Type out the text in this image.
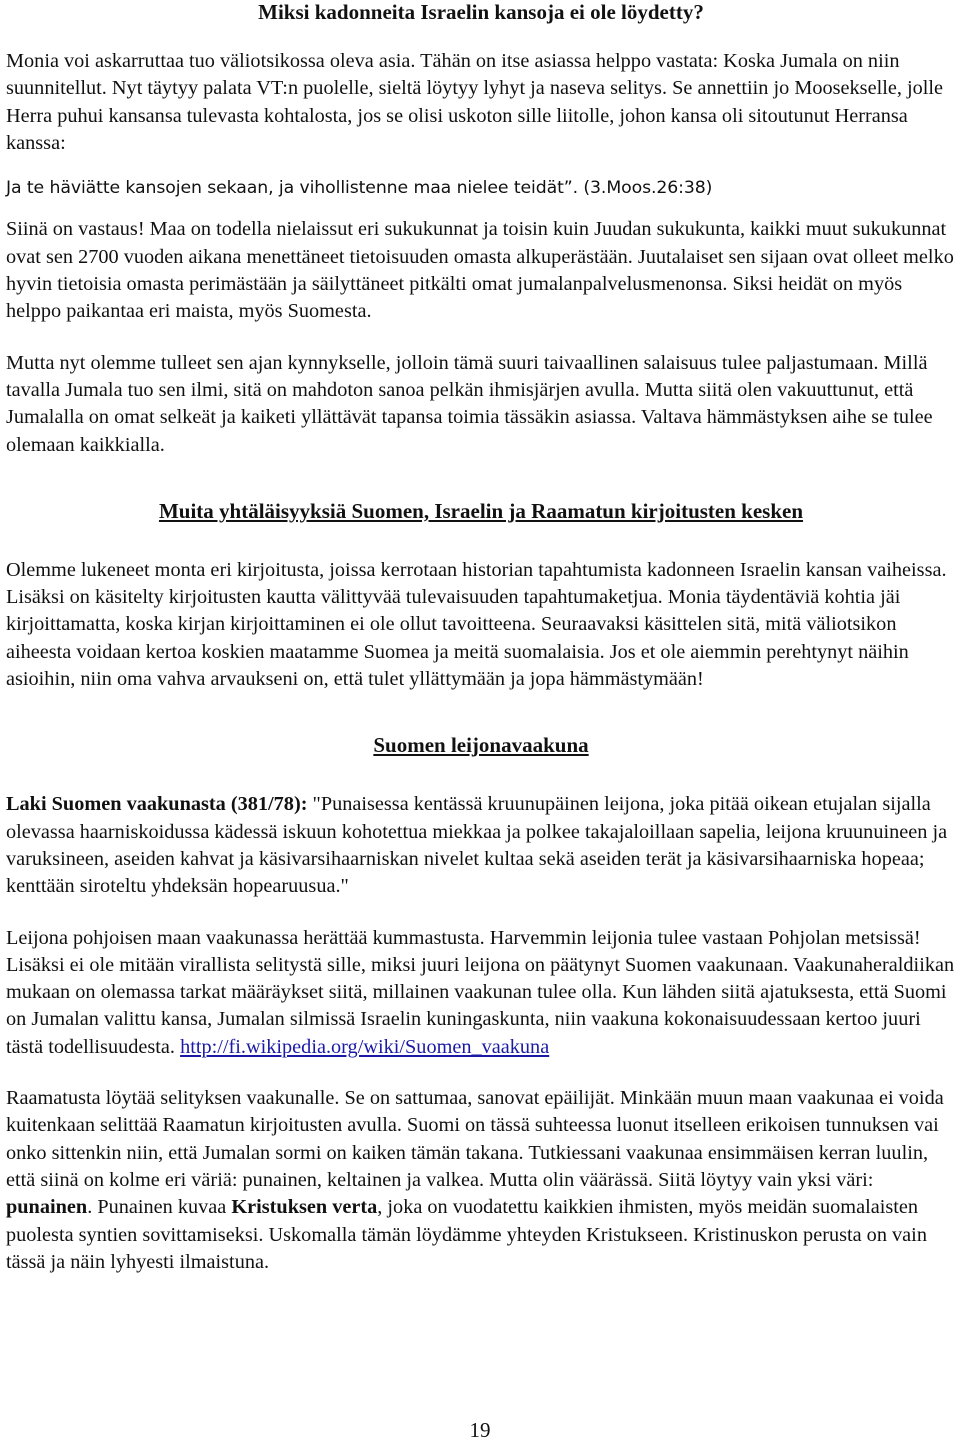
Miksi kadonneita Israelin kansoja ei ole löydetty?

Monia voi askarruttaa tuo väliotsikossa oleva asia. Tähän on itse asiassa helppo vastata: Koska Jumala on niin suunnitellut. Nyt täytyy palata VT:n puolelle, sieltä löytyy lyhyt ja naseva selitys. Se annettiin jo Moosekselle, jolle Herra puhui kansansa tulevasta kohtalosta, jos se olisi uskoton sille liitolle, johon kansa oli sitoutunut Herransa kanssa:

Ja te häviätte kansojen sekaan, ja vihollistenne maa nielee teidät”. (3.Moos.26:38)

Siinä on vastaus! Maa on todella nielaissut eri sukukunnat ja toisin kuin Juudan sukukunta, kaikki muut sukukunnat ovat sen 2700 vuoden aikana menettäneet tietoisuuden omasta alkuperästään. Juutalaiset sen sijaan ovat olleet melko hyvin tietoisia omasta perimästään ja säilyttäneet pitkälti omat jumalanpalvelusmenonsa. Siksi heidät on myös helppo paikantaa eri maista, myös Suomesta.

Mutta nyt olemme tulleet sen ajan kynnykselle, jolloin tämä suuri taivaallinen salaisuus tulee paljastumaan. Millä tavalla Jumala tuo sen ilmi, sitä on mahdoton sanoa pelkän ihmisjärjen avulla. Mutta siitä olen vakuuttunut, että Jumalalla on omat selkeät ja kaiketi yllättävät tapansa toimia tässäkin asiassa. Valtava hämmästyksen aihe se tulee olemaan kaikkialla.

Muita yhtäläisyyksiä Suomen, Israelin ja Raamatun kirjoitusten kesken

Olemme lukeneet monta eri kirjoitusta, joissa kerrotaan historian tapahtumista kadonneen Israelin kansan vaiheissa. Lisäksi on käsitelty kirjoitusten kautta välittyvää tulevaisuuden tapahtumaketjua. Monia täydentäviä kohtia jäi kirjoittamatta, koska kirjan kirjoittaminen ei ole ollut tavoitteena. Seuraavaksi käsittelen sitä, mitä väliotsikon aiheesta voidaan kertoa koskien maatamme Suomea ja meitä suomalaisia. Jos et ole aiemmin perehtynyt näihin asioihin, niin oma vahva arvaukseni on, että tulet yllättymään ja jopa hämmästymään!

Suomen leijonavaakuna

Laki Suomen vaakunasta (381/78): "Punaisessa kentässä kruunupäinen leijona, joka pitää oikean etujalan sijalla olevassa haarniskoidussa kädessä iskuun kohotettua miekkaa ja polkee takajaloillaan sapelia, leijona kruunuineen ja varuksineen, aseiden kahvat ja käsivarsihaarniskan nivelet kultaa sekä aseiden terät ja käsivarsihaarniska hopeaa; kenttään siroteltu yhdeksän hopearuusua."

Leijona pohjoisen maan vaakunassa herättää kummastusta. Harvemmin leijonia tulee vastaan Pohjolan metsissä! Lisäksi ei ole mitään virallista selitystä sille, miksi juuri leijona on päätynyt Suomen vaakunaan. Vaakunaheraldiikan mukaan on olemassa tarkat määräykset siitä, millainen vaakunan tulee olla. Kun lähden siitä ajatuksesta, että Suomi on Jumalan valittu kansa, Jumalan silmissä Israelin kuningaskunta, niin vaakuna kokonaisuudessaan kertoo juuri tästä todellisuudesta. http://fi.wikipedia.org/wiki/Suomen_vaakuna

Raamatusta löytää selityksen vaakunalle. Se on sattumaa, sanovat epäilijät. Minkään muun maan vaakunaa ei voida kuitenkaan selittää Raamatun kirjoitusten avulla. Suomi on tässä suhteessa luonut itselleen erikoisen tunnuksen vai onko sittenkin niin, että Jumalan sormi on kaiken tämän takana. Tutkiessani vaakunaa ensimmäisen kerran luulin, että siinä on kolme eri väriä: punainen, keltainen ja valkea. Mutta olin väärässä. Siitä löytyy vain yksi väri: punainen. Punainen kuvaa Kristuksen verta, joka on vuodatettu kaikkien ihmisten, myös meidän suomalaisten puolesta syntien sovittamiseksi. Uskomalla tämän löydämme yhteyden Kristukseen. Kristinuskon perusta on vain tässä ja näin lyhyesti ilmaistuna.

19
